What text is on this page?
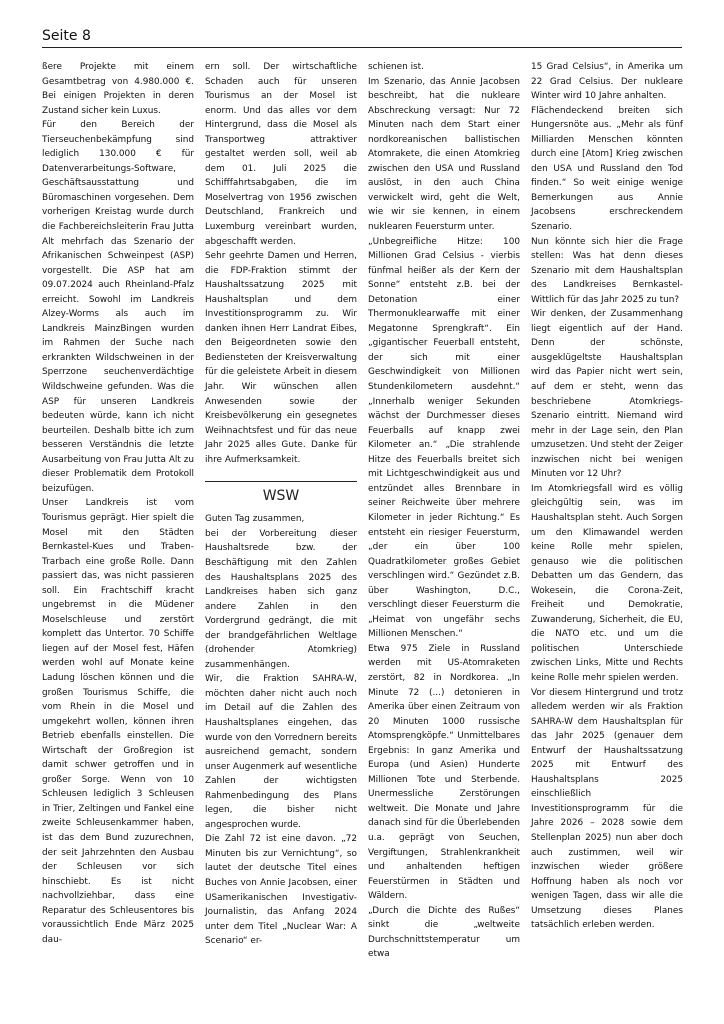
Seite 8

ßere Projekte mit einem Gesamtbetrag von 4.980.000 €. Bei einigen Projekten in deren Zustand sicher kein Luxus.

Für den Bereich der Tierseuchenbekämpfung sind lediglich 130.000 € für Datenverarbeitungs-Software, Geschäftsausstattung und Büromaschinen vorgesehen. Dem vorherigen Kreistag wurde durch die Fachbereichsleiterin Frau Jutta Alt mehrfach das Szenario der Afrikanischen Schweinpest (ASP) vorgestellt. Die ASP hat am 09.07.2024 auch Rheinland-Pfalz erreicht. Sowohl im Landkreis Alzey-Worms als auch im Landkreis MainzBingen wurden im Rahmen der Suche nach erkrankten Wildschweinen in der Sperrzone seuchenverdächtige Wildschweine gefunden. Was die ASP für unseren Landkreis bedeuten würde, kann ich nicht beurteilen. Deshalb bitte ich zum besseren Verständnis die letzte Ausarbeitung von Frau Jutta Alt zu dieser Problematik dem Protokoll beizufügen.

Unser Landkreis ist vom Tourismus geprägt. Hier spielt die Mosel mit den Städten Bernkastel-Kues und Traben-Trarbach eine große Rolle. Dann passiert das, was nicht passieren soll. Ein Frachtschiff kracht ungebremst in die Müdener Moselschleuse und zerstört komplett das Untertor. 70 Schiffe liegen auf der Mosel fest, Häfen werden wohl auf Monate keine Ladung löschen können und die großen Tourismus Schiffe, die vom Rhein in die Mosel und umgekehrt wollen, können ihren Betrieb ebenfalls einstellen. Die Wirtschaft der Großregion ist damit schwer getroffen und in großer Sorge. Wenn von 10 Schleusen lediglich 3 Schleusen in Trier, Zeltingen und Fankel eine zweite Schleusenkammer haben, ist das dem Bund zuzurechnen, der seit Jahrzehnten den Ausbau der Schleusen vor sich hinschiebt. Es ist nicht nachvollziehbar, dass eine Reparatur des Schleusentores bis voraussichtlich Ende März 2025 dau-

ern soll. Der wirtschaftliche Schaden auch für unseren Tourismus an der Mosel ist enorm. Und das alles vor dem Hintergrund, dass die Mosel als Transportweg attraktiver gestaltet werden soll, weil ab dem 01. Juli 2025 die Schifffahrtsabgaben, die im Moselvertrag von 1956 zwischen Deutschland, Frankreich und Luxemburg vereinbart wurden, abgeschafft werden.

Sehr geehrte Damen und Herren, die FDP-Fraktion stimmt der Haushaltssatzung 2025 mit Haushaltsplan und dem Investitionsprogramm zu. Wir danken ihnen Herr Landrat Eibes, den Beigeordneten sowie den Bediensteten der Kreisverwaltung für die geleistete Arbeit in diesem Jahr. Wir wünschen allen Anwesenden sowie der Kreisbevölkerung ein gesegnetes Weihnachtsfest und für das neue Jahr 2025 alles Gute. Danke für ihre Aufmerksamkeit.

WSW

Guten Tag zusammen,

bei der Vorbereitung dieser Haushaltsrede bzw. der Beschäftigung mit den Zahlen des Haushaltsplans 2025 des Landkreises haben sich ganz andere Zahlen in den Vordergrund gedrängt, die mit der brandgefährlichen Weltlage (drohender Atomkrieg) zusammenhängen.

Wir, die Fraktion SAHRA-W, möchten daher nicht auch noch im Detail auf die Zahlen des Haushaltsplanes eingehen, das wurde von den Vorrednern bereits ausreichend gemacht, sondern unser Augenmerk auf wesentliche Zahlen der wichtigsten Rahmenbedingung des Plans legen, die bisher nicht angesprochen wurde.

Die Zahl 72 ist eine davon. „72 Minuten bis zur Vernichtung“, so lautet der deutsche Titel eines Buches von Annie Jacobsen, einer USamerikanischen Investigativ-Journalistin, das Anfang 2024 unter dem Titel „Nuclear War: A Scenario“ er-

schienen ist.

Im Szenario, das Annie Jacobsen beschreibt, hat die nukleare Abschreckung versagt: Nur 72 Minuten nach dem Start einer nordkoreanischen ballistischen Atomrakete, die einen Atomkrieg zwischen den USA und Russland auslöst, in den auch China verwickelt wird, geht die Welt, wie wir sie kennen, in einem nuklearen Feuersturm unter.

„Unbegreifliche Hitze: 100 Millionen Grad Celsius - vierbis fünfmal heißer als der Kern der Sonne“ entsteht z.B. bei der Detonation einer Thermonuklearwaffe mit einer Megatonne Sprengkraft“. Ein „gigantischer Feuerball entsteht, der sich mit einer Geschwindigkeit von Millionen Stundenkilometern ausdehnt.“ „Innerhalb weniger Sekunden wächst der Durchmesser dieses Feuerballs auf knapp zwei Kilometer an.“ „Die strahlende Hitze des Feuerballs breitet sich mit Lichtgeschwindigkeit aus und entzündet alles Brennbare in seiner Reichweite über mehrere Kilometer in jeder Richtung.“ Es entsteht ein riesiger Feuersturm, „der ein über 100 Quadratkilometer großes Gebiet verschlingen wird.“ Gezündet z.B. über Washington, D.C., verschlingt dieser Feuersturm die „Heimat von ungefähr sechs Millionen Menschen.“

Etwa 975 Ziele in Russland werden mit US-Atomraketen zerstört, 82 in Nordkorea. „In Minute 72 (...) detonieren in Amerika über einen Zeitraum von 20 Minuten 1000 russische Atomsprengköpfe.“ Unmittelbares Ergebnis: In ganz Amerika und Europa (und Asien) Hunderte Millionen Tote und Sterbende. Unermessliche Zerstörungen weltweit. Die Monate und Jahre danach sind für die Überlebenden u.a. geprägt von Seuchen, Vergiftungen, Strahlenkrankheit und anhaltenden heftigen Feuerstürmen in Städten und Wäldern.

„Durch die Dichte des Rußes“ sinkt die „weltweite Durchschnittstemperatur um etwa

15 Grad Celsius“, in Amerika um 22 Grad Celsius. Der nukleare Winter wird 10 Jahre anhalten.

Flächendeckend breiten sich Hungersnöte aus. „Mehr als fünf Milliarden Menschen könnten durch eine [Atom] Krieg zwischen den USA und Russland den Tod finden.“ So weit einige wenige Bemerkungen aus Annie Jacobsens erschreckendem Szenario.

Nun könnte sich hier die Frage stellen: Was hat denn dieses Szenario mit dem Haushaltsplan des Landkreises Bernkastel-Wittlich für das Jahr 2025 zu tun?

Wir denken, der Zusammenhang liegt eigentlich auf der Hand. Denn der schönste, ausgeklügeltste Haushaltsplan wird das Papier nicht wert sein, auf dem er steht, wenn das beschriebene Atomkriegs-Szenario eintritt. Niemand wird mehr in der Lage sein, den Plan umzusetzen. Und steht der Zeiger inzwischen nicht bei wenigen Minuten vor 12 Uhr?

Im Atomkriegsfall wird es völlig gleichgültig sein, was im Haushaltsplan steht. Auch Sorgen um den Klimawandel werden keine Rolle mehr spielen, genauso wie die politischen Debatten um das Gendern, das Wokesein, die Corona-Zeit, Freiheit und Demokratie, Zuwanderung, Sicherheit, die EU, die NATO etc. und um die politischen Unterschiede zwischen Links, Mitte und Rechts keine Rolle mehr spielen werden.

Vor diesem Hintergrund und trotz alledem werden wir als Fraktion SAHRA-W dem Haushaltsplan für das Jahr 2025 (genauer dem Entwurf der Haushaltssatzung 2025 mit Entwurf des Haushaltsplans 2025 einschließlich Investitionsprogramm für die Jahre 2026 – 2028 sowie dem Stellenplan 2025) nun aber doch auch zustimmen, weil wir inzwischen wieder größere Hoffnung haben als noch vor wenigen Tagen, dass wir alle die Umsetzung dieses Planes tatsächlich erleben werden.
